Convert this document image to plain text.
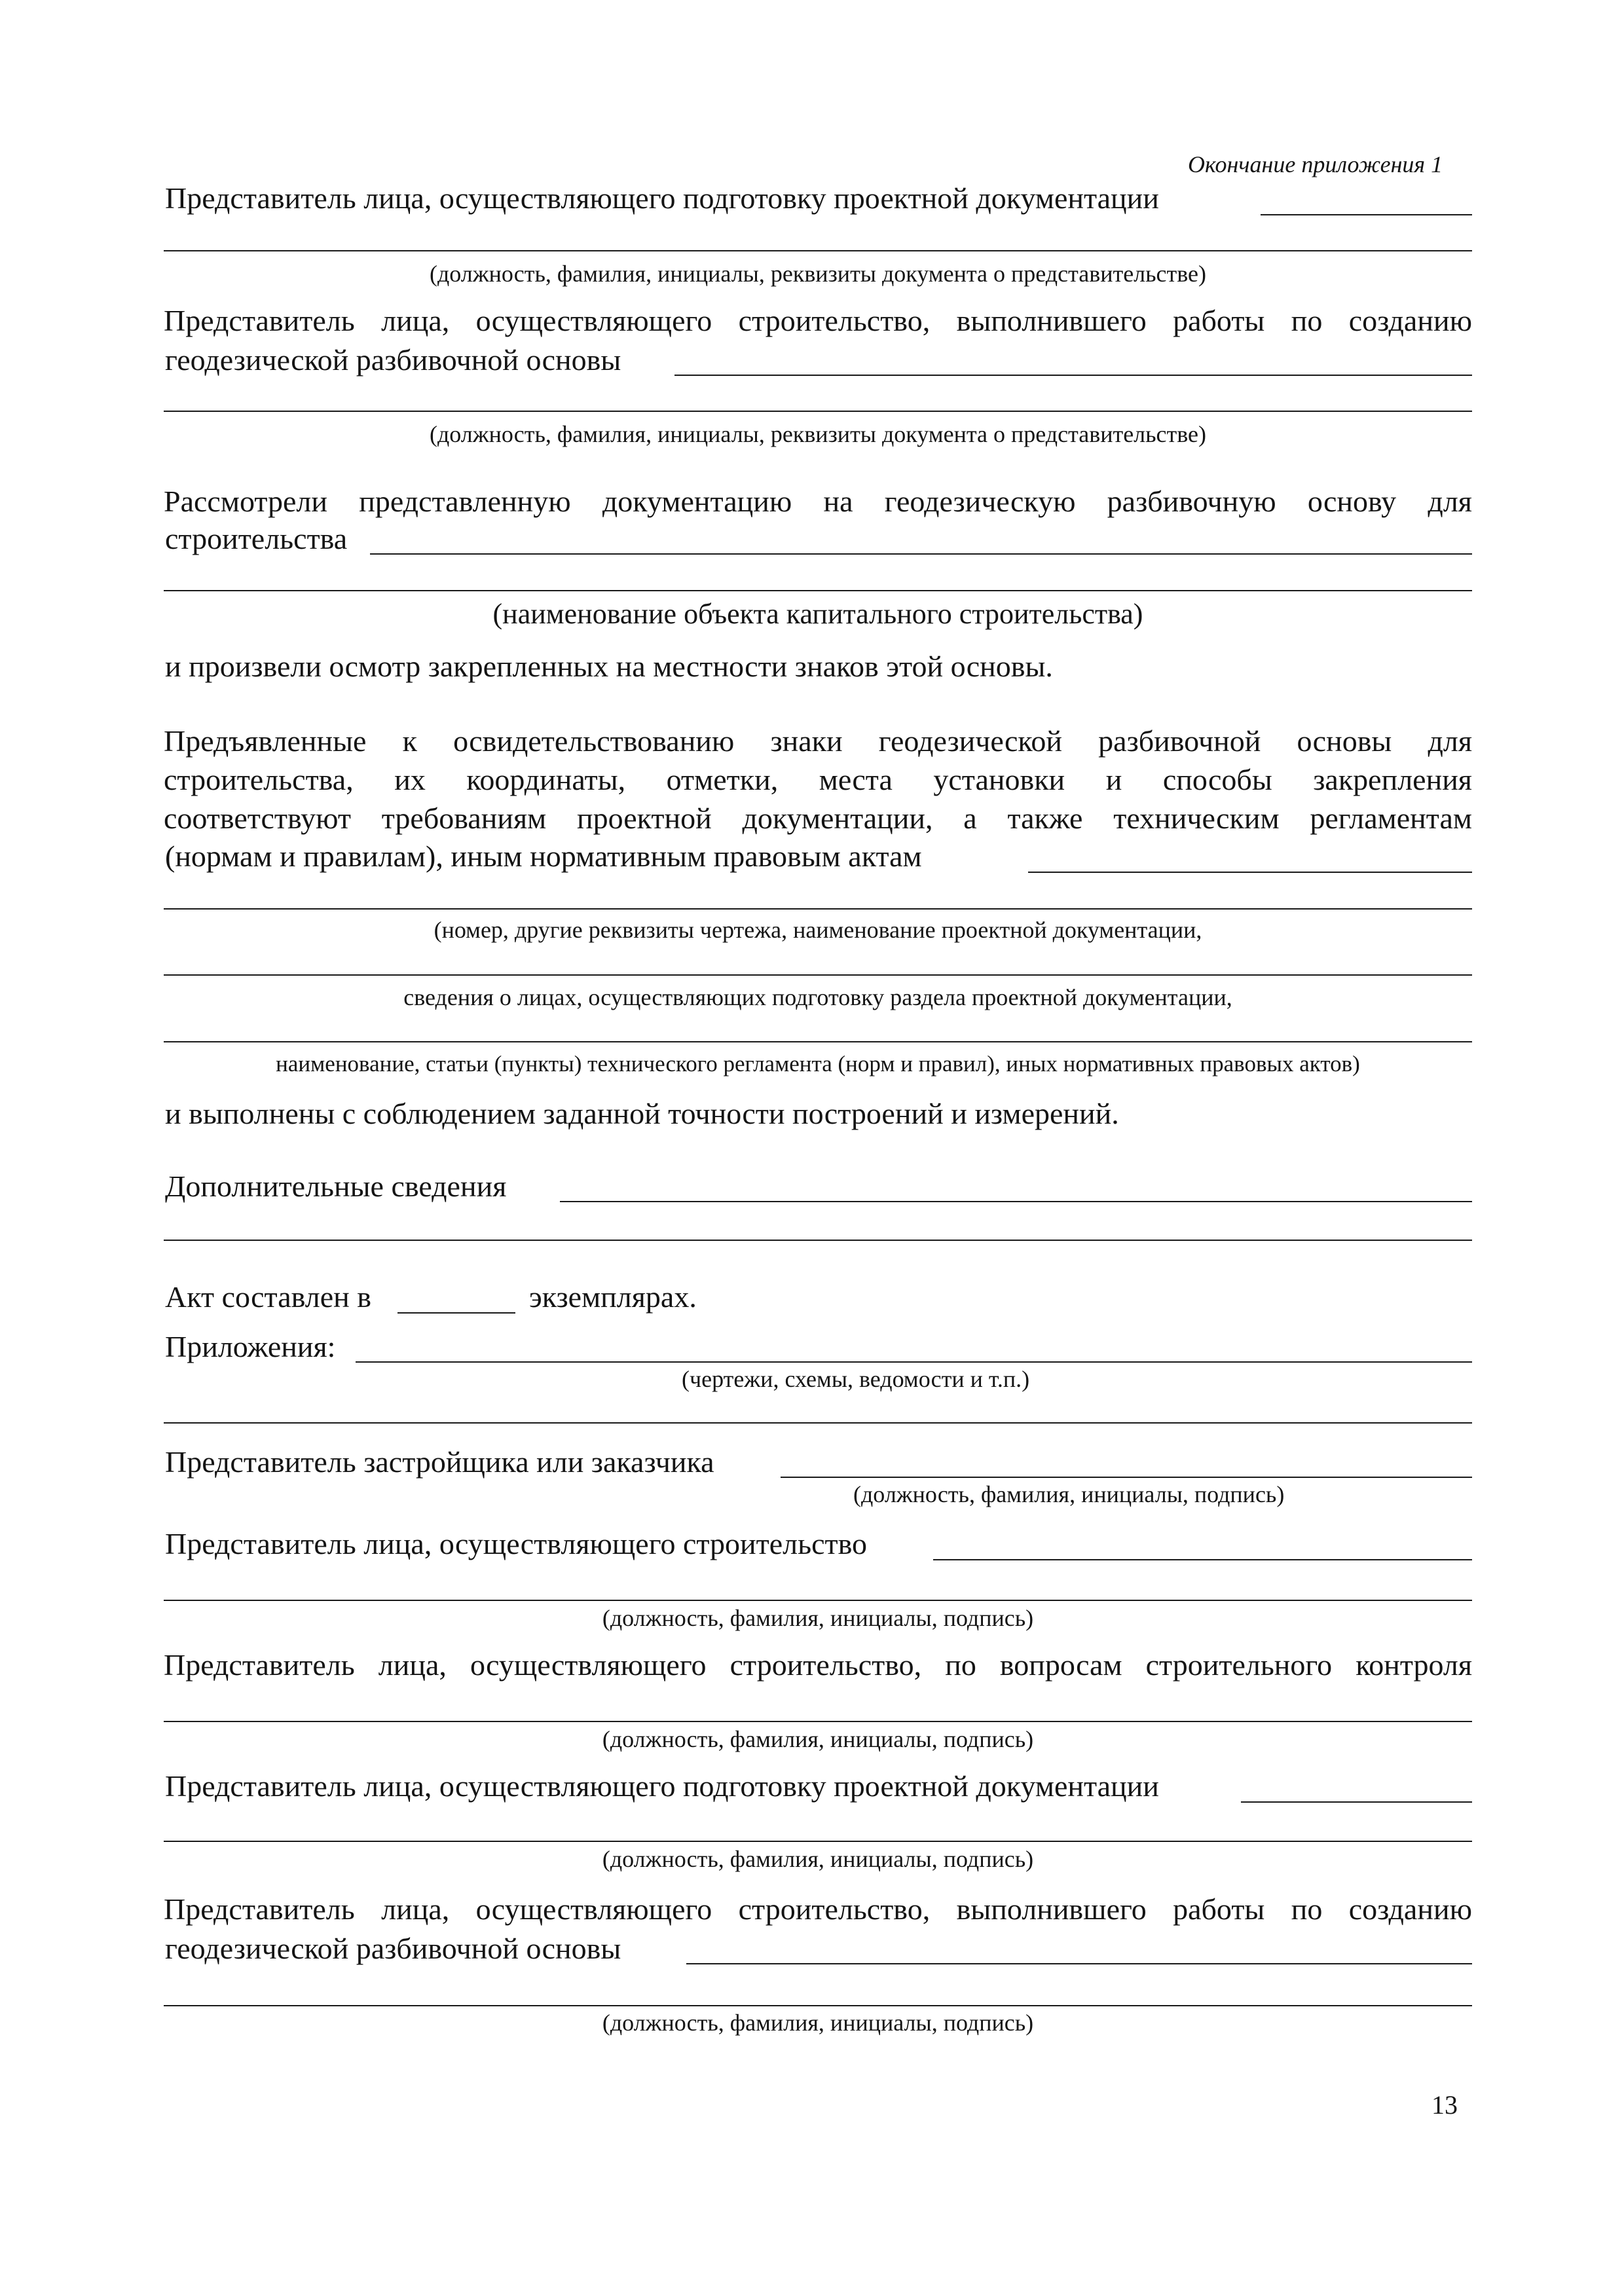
Окончание приложения 1
Представитель лица, осуществляющего подготовку проектной документации
(должность, фамилия, инициалы, реквизиты документа о представительстве)
Представитель лица, осуществляющего строительство, выполнившего работы по созданию
геодезической разбивочной основы
(должность, фамилия, инициалы, реквизиты документа о представительстве)
Рассмотрели представленную документацию на геодезическую разбивочную основу для
строительства
(наименование объекта капитального строительства)
и произвели осмотр закрепленных на местности знаков этой основы.
Предъявленные к освидетельствованию знаки геодезической разбивочной основы для
строительства, их координаты, отметки, места установки и способы закрепления
соответствуют требованиям проектной документации, а также техническим регламентам
(нормам и правилам), иным нормативным правовым актам
(номер, другие реквизиты чертежа, наименование проектной документации,
сведения о лицах, осуществляющих подготовку раздела проектной документации,
наименование, статьи (пункты) технического регламента (норм и правил), иных нормативных правовых актов)
и выполнены с соблюдением заданной точности построений и измерений.
Дополнительные сведения
Акт составлен в	экземплярах.
Приложения:
(чертежи, схемы, ведомости и т.п.)
Представитель застройщика или заказчика
(должность, фамилия, инициалы, подпись)
Представитель лица, осуществляющего строительство
(должность, фамилия, инициалы, подпись)
Представитель лица, осуществляющего строительство, по вопросам строительного контроля
(должность, фамилия, инициалы, подпись)
Представитель лица, осуществляющего подготовку проектной документации
(должность, фамилия, инициалы, подпись)
Представитель лица, осуществляющего строительство, выполнившего работы по созданию
геодезической разбивочной основы
(должность, фамилия, инициалы, подпись)
13
